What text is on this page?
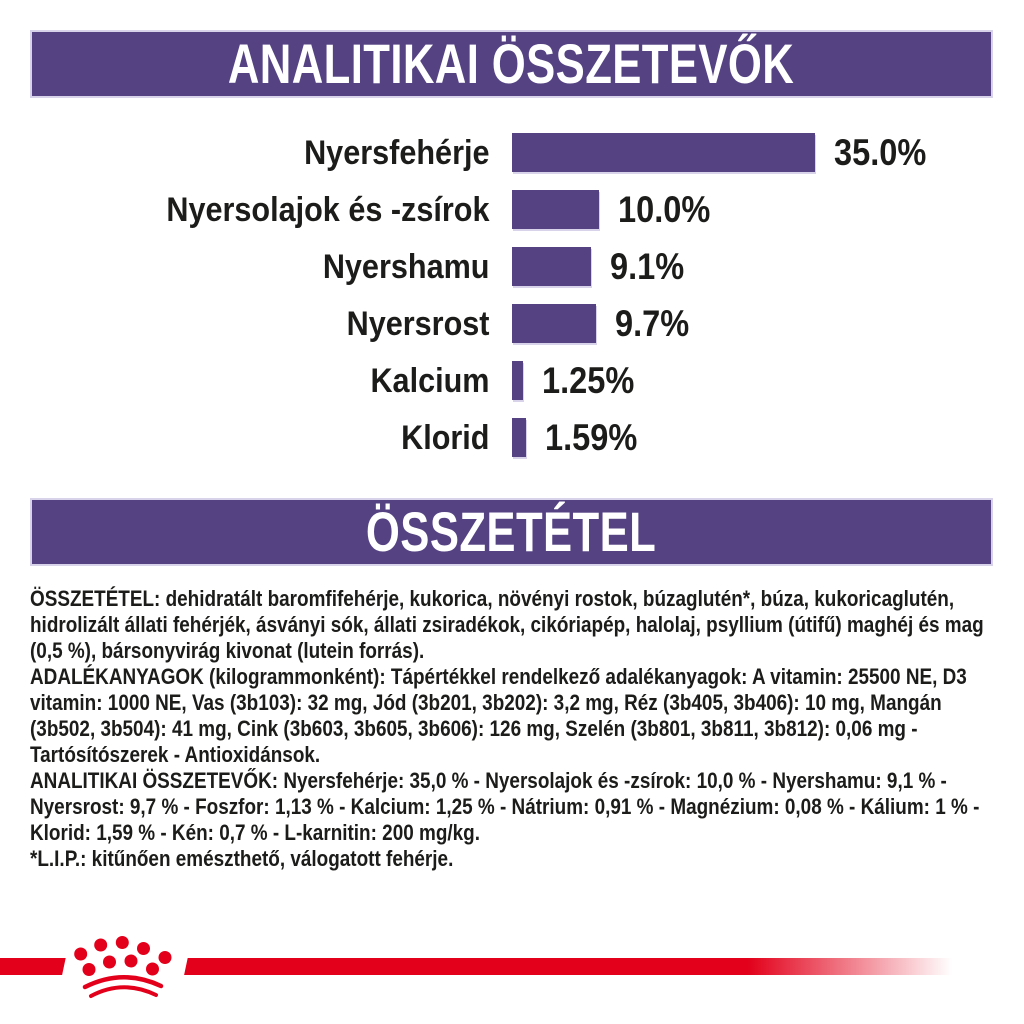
ANALITIKAI ÖSSZETEVŐK
Nyersfehérje	35.0%
Nyersolajok és -zsírok	10.0%
Nyershamu	9.1%
Nyersrost	9.7%
Kalcium	1.25%
Klorid	1.59%
ÖSSZETÉTEL

ÖSSZETÉTEL: dehidratált baromfifehérje, kukorica, növényi rostok, búzaglutén*, búza, kukoricaglutén, hidrolizált állati fehérjék, ásványi sók, állati zsiradékok, cikóriapép, halolaj, psyllium (útifű) maghéj és mag (0,5 %), bársonyvirág kivonat (lutein forrás).

ADALÉKANYAGOK (kilogrammonként): Tápértékkel rendelkező adalékanyagok: A vitamin: 25500 NE, D3 vitamin: 1000 NE, Vas (3b103): 32 mg, Jód (3b201, 3b202): 3,2 mg, Réz (3b405, 3b406): 10 mg, Mangán (3b502, 3b504): 41 mg, Cink (3b603, 3b605, 3b606): 126 mg, Szelén (3b801, 3b811, 3b812): 0,06 mg - Tartósítószerek - Antioxidánsok.

ANALITIKAI ÖSSZETEVŐK: Nyersfehérje: 35,0 % - Nyersolajok és -zsírok: 10,0 % - Nyershamu: 9,1 % - Nyersrost: 9,7 % - Foszfor: 1,13 % - Kalcium: 1,25 % - Nátrium: 0,91 % - Magnézium: 0,08 % - Kálium: 1 % - Klorid: 1,59 % - Kén: 0,7 % - L-karnitin: 200 mg/kg.

*L.I.P.: kitűnően emészthető, válogatott fehérje.
